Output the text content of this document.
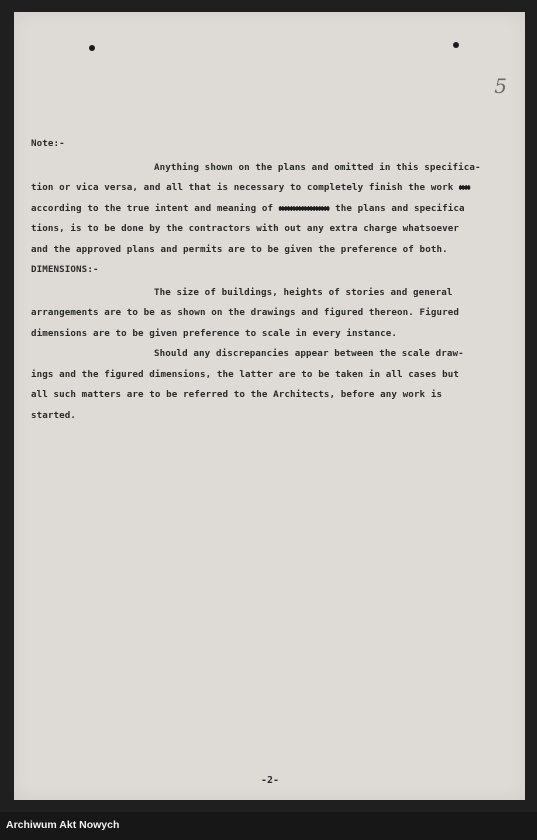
5
Note:-
Anything shown on the plans and omitted in this specifica-
tion or vica versa, and all that is necessary to completely finish the work xx
according to the true intent and meaning of xxxxxxxxx the plans and specifica
tions, is to be done by the contractors with out any extra charge whatsoever
and the approved plans and permits are to be given the preference of both.
DIMENSIONS:-
The size of buildings, heights of stories and general
arrangements are to be as shown on the drawings and figured thereon. Figured
dimensions are to be given preference to scale in every instance.
Should any discrepancies appear between the scale draw-
ings and the figured dimensions, the latter are to be taken in all cases but
all such matters are to be referred to the Architects, before any work is
started.
-2-
Archiwum Akt Nowych
